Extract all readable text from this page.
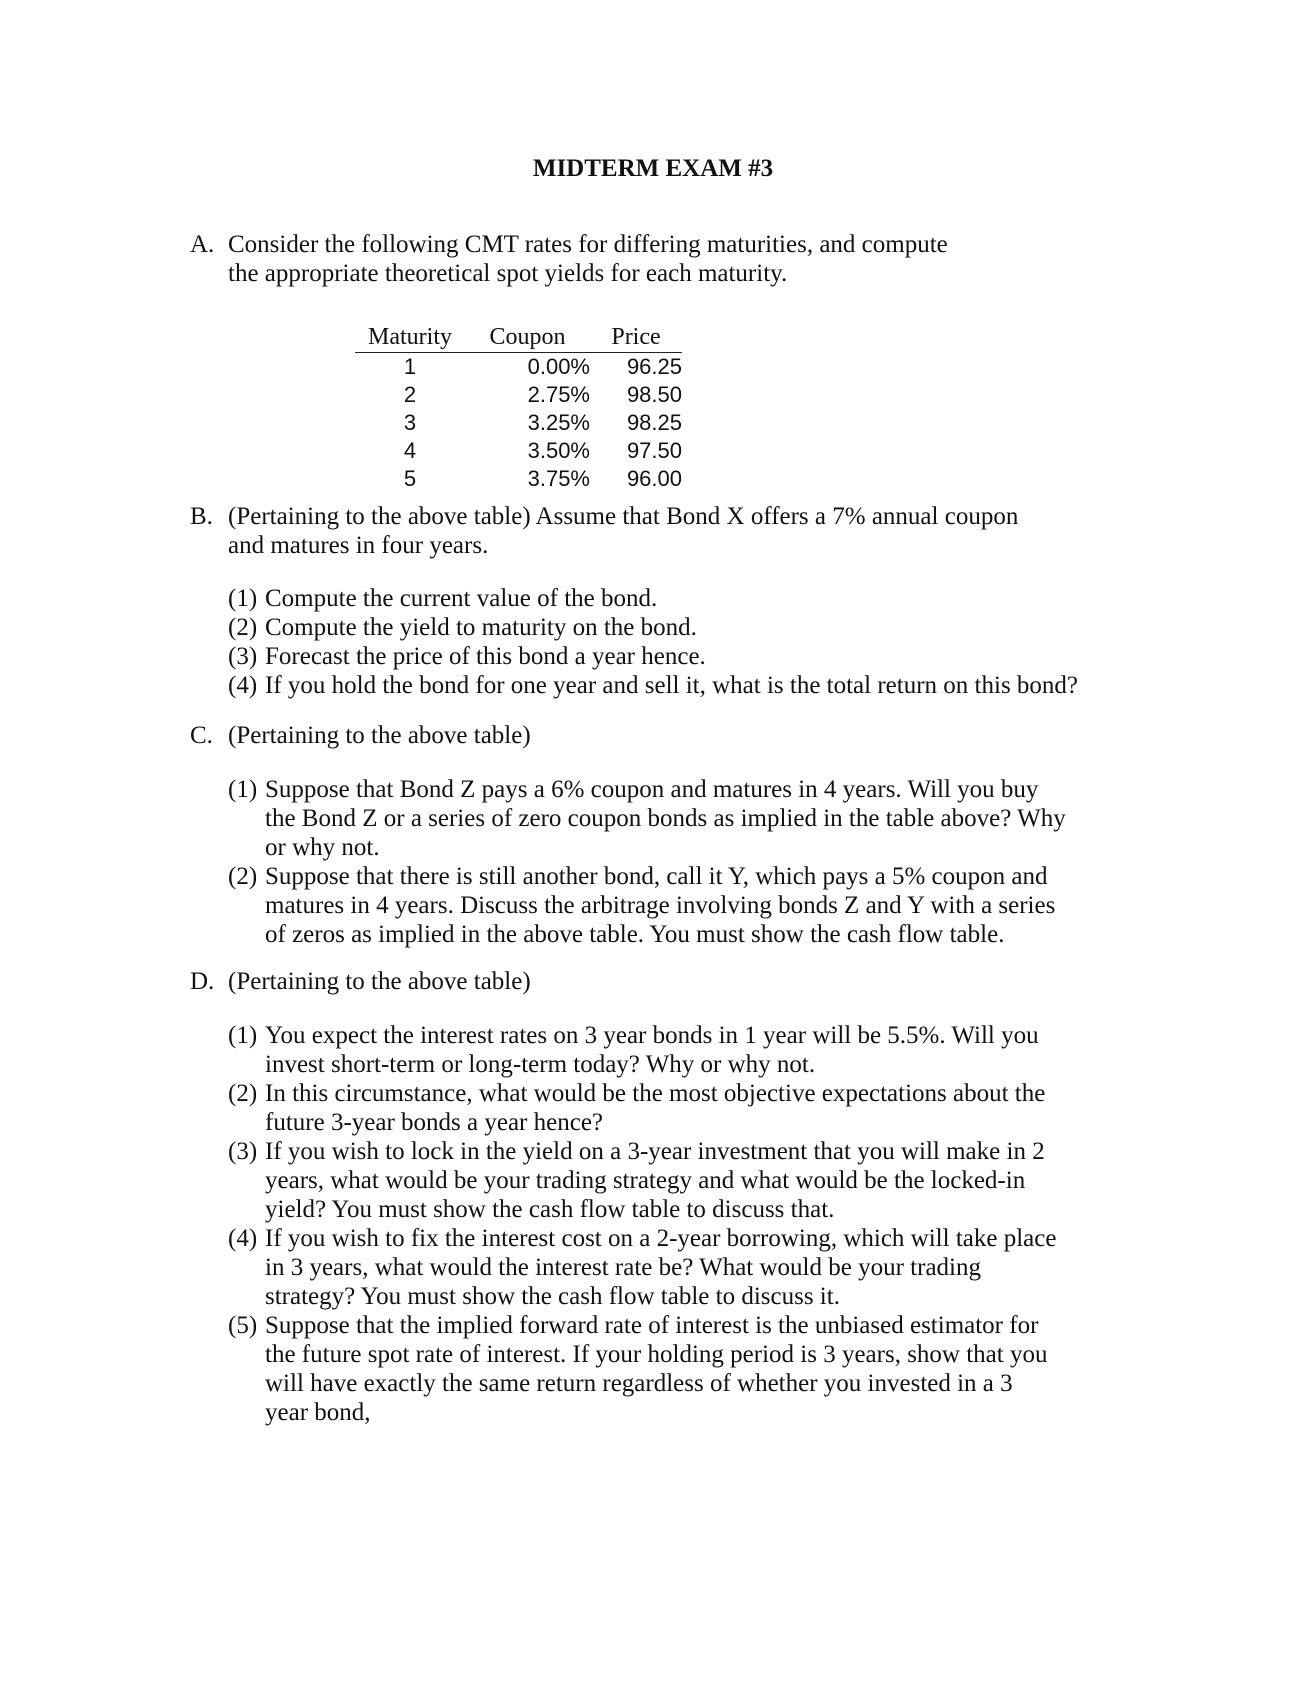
MIDTERM EXAM #3
A. Consider the following CMT rates for differing maturities, and compute the appropriate theoretical spot yields for each maturity.
Maturity	Coupon	Price
1	0.00%	96.25
2	2.75%	98.50
3	3.25%	98.25
4	3.50%	97.50
5	3.75%	96.00
B. (Pertaining to the above table) Assume that Bond X offers a 7% annual coupon and matures in four years.
(1) Compute the current value of the bond.
(2) Compute the yield to maturity on the bond.
(3) Forecast the price of this bond a year hence.
(4) If you hold the bond for one year and sell it, what is the total return on this bond?
C. (Pertaining to the above table)
(1) Suppose that Bond Z pays a 6% coupon and matures in 4 years. Will you buy the Bond Z or a series of zero coupon bonds as implied in the table above? Why or why not.
(2) Suppose that there is still another bond, call it Y, which pays a 5% coupon and matures in 4 years. Discuss the arbitrage involving bonds Z and Y with a series of zeros as implied in the above table. You must show the cash flow table.
D. (Pertaining to the above table)
(1) You expect the interest rates on 3 year bonds in 1 year will be 5.5%. Will you invest short-term or long-term today? Why or why not.
(2) In this circumstance, what would be the most objective expectations about the future 3-year bonds a year hence?
(3) If you wish to lock in the yield on a 3-year investment that you will make in 2 years, what would be your trading strategy and what would be the locked-in yield? You must show the cash flow table to discuss that.
(4) If you wish to fix the interest cost on a 2-year borrowing, which will take place in 3 years, what would the interest rate be? What would be your trading strategy? You must show the cash flow table to discuss it.
(5) Suppose that the implied forward rate of interest is the unbiased estimator for the future spot rate of interest. If your holding period is 3 years, show that you will have exactly the same return regardless of whether you invested in a 3 year bond,
